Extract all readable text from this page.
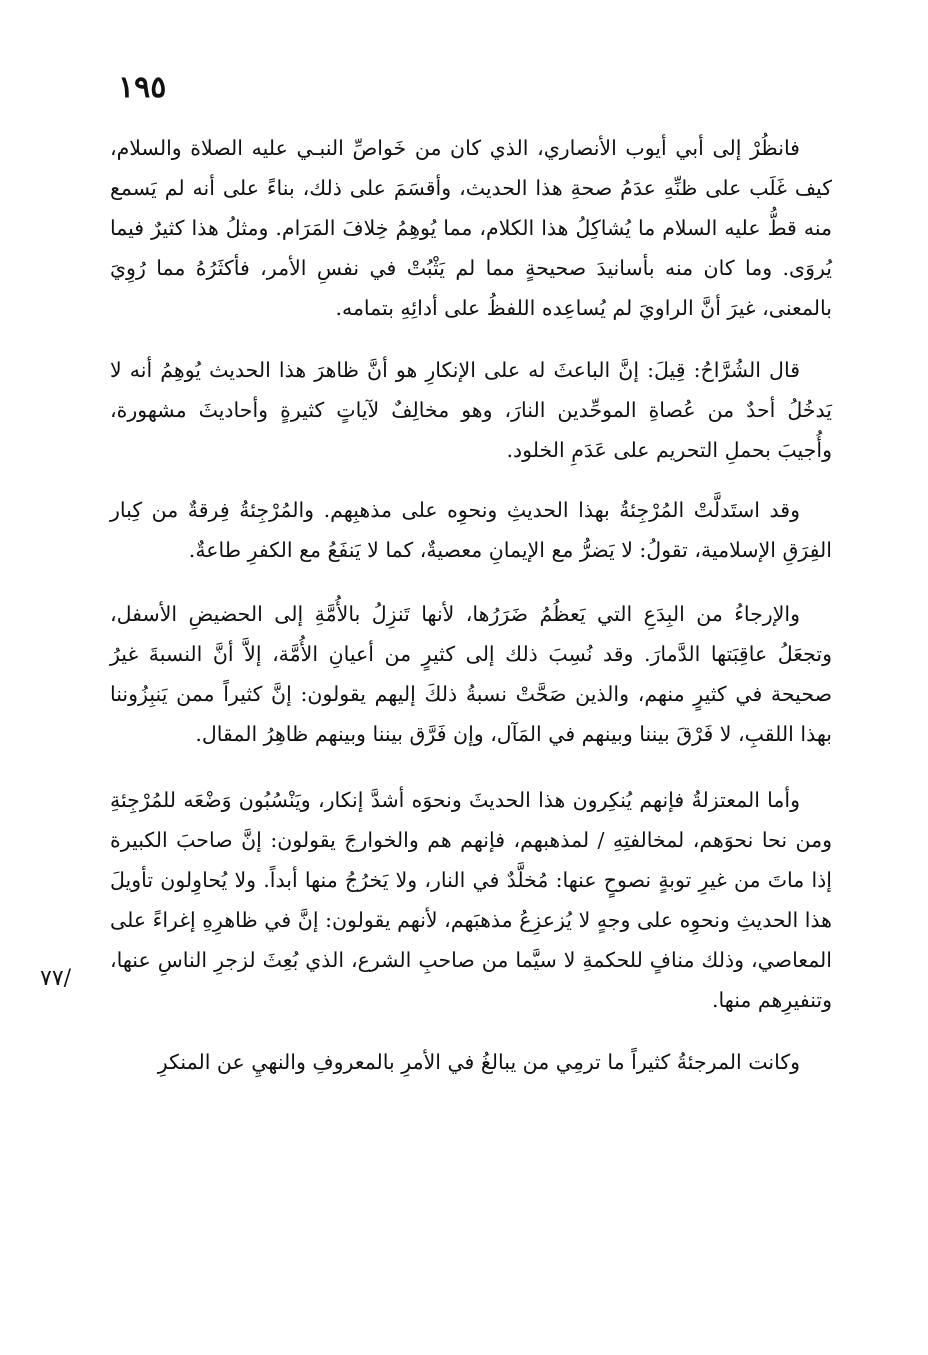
١٩٥
٧٧/

فانظُرْ إلى أبي أيوب الأنصاري، الذي كان من خَواصِّ النبـي عليه الصلاة والسلام، كيف غَلَب على ظنِّهِ عدَمُ صحةِ هذا الحديث، وأقسَمَ على ذلك، بناءً على أنه لم يَسمع منه قطُّ عليه السلام ما يُشاكِلُ هذا الكلام، مما يُوهِمُ خِلافَ المَرَام. ومثلُ هذا كثيرٌ فيما يُروَى. وما كان منه بأسانيدَ صحيحةٍ مما لم يَثْبُتْ في نفسِ الأمر، فأكثَرُهُ مما رُوِيَ بالمعنى، غيرَ أنَّ الراويَ لم يُساعِده اللفظُ على أدائِهِ بتمامه.

قال الشُرَّاحُ: قِيلَ: إنَّ الباعثَ له على الإنكارِ هو أنَّ ظاهرَ هذا الحديث يُوهِمُ أنه لا يَدخُلُ أحدٌ من عُصاةِ الموحِّدين النارَ، وهو مخالِفٌ لآياتٍ كثيرةٍ وأحاديثَ مشهورة، وأُجيبَ بحملِ التحريم على عَدَمِ الخلود.

وقد استَدلَّتْ المُرْجِئةُ بهذا الحديثِ ونحوِه على مذهبِهم. والمُرْجِئةُ فِرقةٌ من كِبار الفِرَقِ الإسلامية، تقولُ: لا يَضرُّ مع الإيمانِ معصيةٌ، كما لا يَنفَعُ مع الكفرِ طاعةٌ.

والإرجاءُ من البِدَعِ التي يَعظُمُ ضَرَرُها، لأنها تَنزِلُ بالأُمَّةِ إلى الحضيضِ الأسفل، وتجعَلُ عاقِبَتها الدَّمارَ. وقد نُسِبَ ذلك إلى كثيرٍ من أعيانِ الأُمَّة، إلاَّ أنَّ النسبةَ غيرُ صحيحة في كثيرٍ منهم، والذين صَحَّتْ نسبةُ ذلكَ إليهم يقولون: إنَّ كثيراً ممن يَنبِزُوننا بهذا اللقبِ، لا فَرْقَ بيننا وبينهم في المَآل، وإن فَرَّق بيننا وبينهم ظاهِرُ المقال.

وأما المعتزلةُ فإنهم يُنكِرون هذا الحديثَ ونحوَه أشدَّ إنكار، ويَنْسُبُون وَضْعَه للمُرْجِئةِ ومن نحا نحوَهم، لمخالفتِهِ / لمذهبهم، فإنهم هم والخوارجَ يقولون: إنَّ صاحبَ الكبيرة إذا ماتَ من غيرِ توبةٍ نصوحٍ عنها: مُخلَّدٌ في النار، ولا يَخرُجُ منها أبداً. ولا يُحاوِلون تأويلَ هذا الحديثِ ونحوِه على وجهٍ لا يُزعزِعُ مذهبَهم، لأنهم يقولون: إنَّ في ظاهرِهِ إغراءً على المعاصي، وذلك منافٍ للحكمةِ لا سيَّما من صاحبِ الشرع، الذي بُعِثَ لزجرِ الناسِ عنها، وتنفيرِهم منها.

وكانت المرجئةُ كثيراً ما ترمِي من يبالغُ في الأمرِ بالمعروفِ والنهيِ عن المنكرِ
